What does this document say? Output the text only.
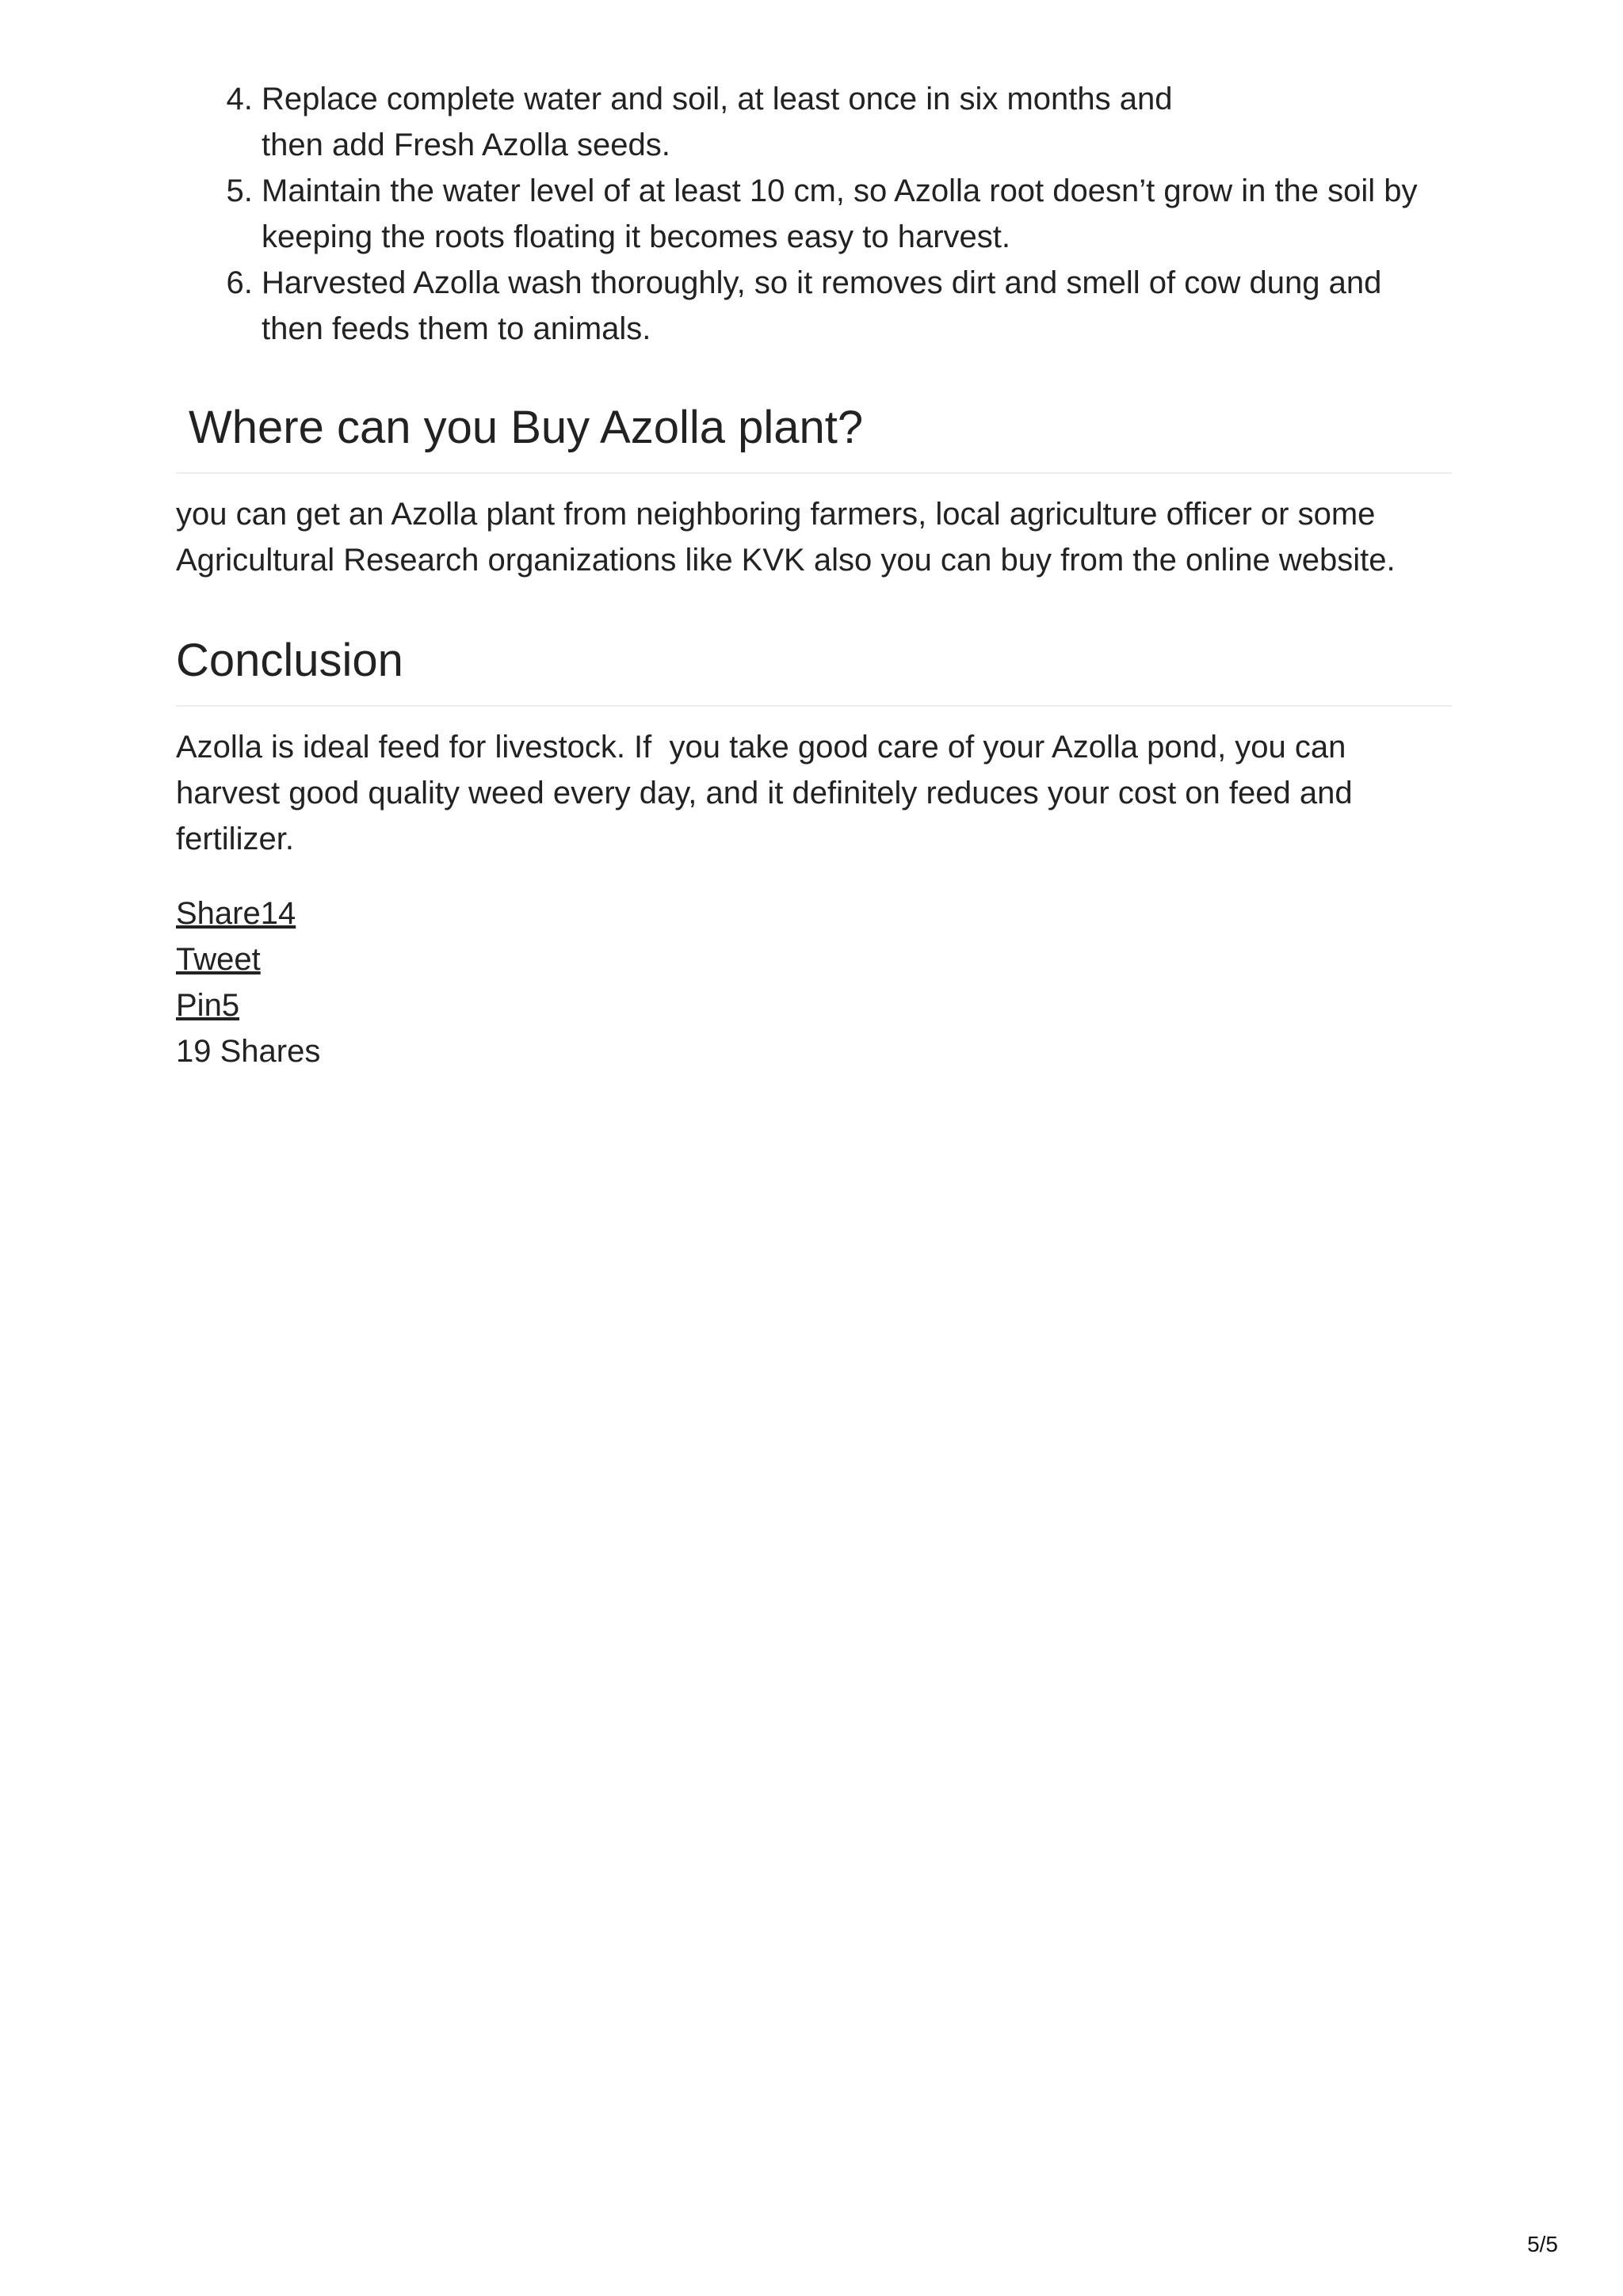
4. Replace complete water and soil, at least once in six months and then add Fresh Azolla seeds.
5. Maintain the water level of at least 10 cm, so Azolla root doesn’t grow in the soil by keeping the roots floating it becomes easy to harvest.
6. Harvested Azolla wash thoroughly, so it removes dirt and smell of cow dung and then feeds them to animals.
Where can you Buy Azolla plant?

you can get an Azolla plant from neighboring farmers, local agriculture officer or some Agricultural Research organizations like KVK also you can buy from the online website.

Conclusion

Azolla is ideal feed for livestock. If  you take good care of your Azolla pond, you can harvest good quality weed every day, and it definitely reduces your cost on feed and fertilizer.

Share14
Tweet
Pin5
19 Shares
5/5
